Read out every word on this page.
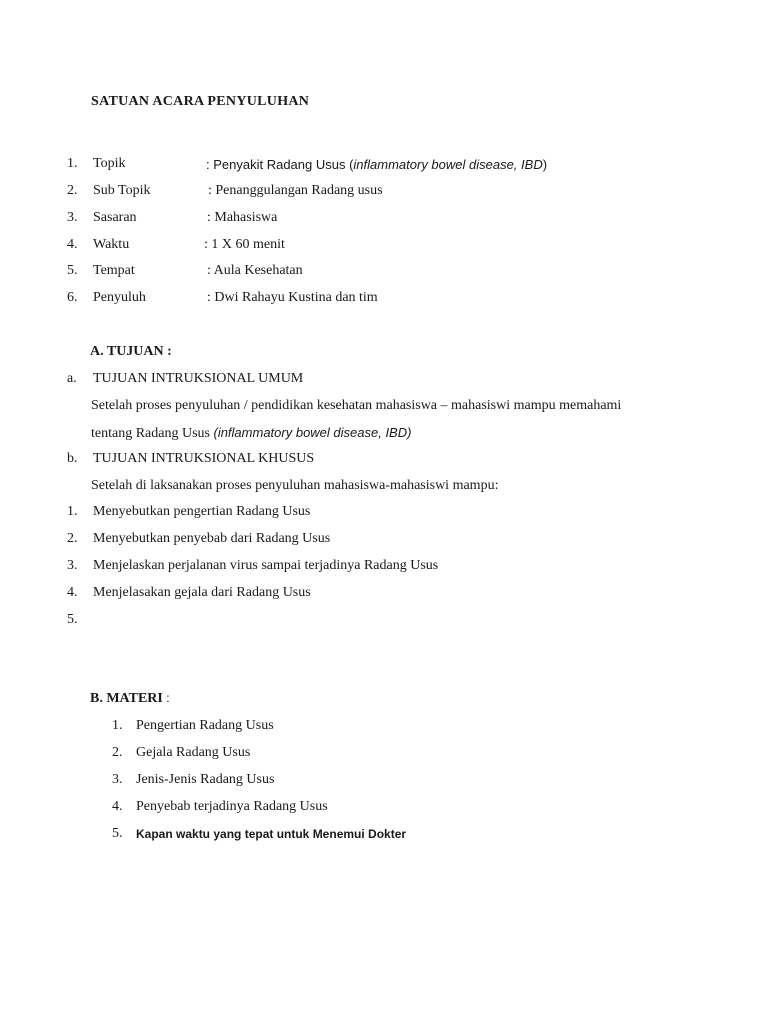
SATUAN ACARA PENYULUHAN
1.	Topik	: Penyakit Radang Usus (inflammatory bowel disease, IBD)
2.	Sub Topik	: Penanggulangan Radang usus
3.	Sasaran	: Mahasiswa
4.	Waktu	: 1 X 60 menit
5.	Tempat	: Aula Kesehatan
6.	Penyuluh	: Dwi Rahayu Kustina dan tim
A. TUJUAN :
a. TUJUAN INTRUKSIONAL UMUM
Setelah proses penyuluhan / pendidikan kesehatan mahasiswa – mahasiswi mampu memahami
tentang Radang Usus (inflammatory bowel disease, IBD)
b. TUJUAN INTRUKSIONAL KHUSUS
Setelah di laksanakan proses penyuluhan mahasiswa-mahasiswi mampu:
1. Menyebutkan pengertian Radang Usus
2. Menyebutkan penyebab dari Radang Usus
3. Menjelaskan perjalanan virus sampai terjadinya Radang Usus
4. Menjelasakan gejala dari Radang Usus
5.
B. MATERI :
1. Pengertian Radang Usus
2. Gejala Radang Usus
3. Jenis-Jenis Radang Usus
4. Penyebab terjadinya Radang Usus
5. Kapan waktu yang tepat untuk Menemui Dokter
